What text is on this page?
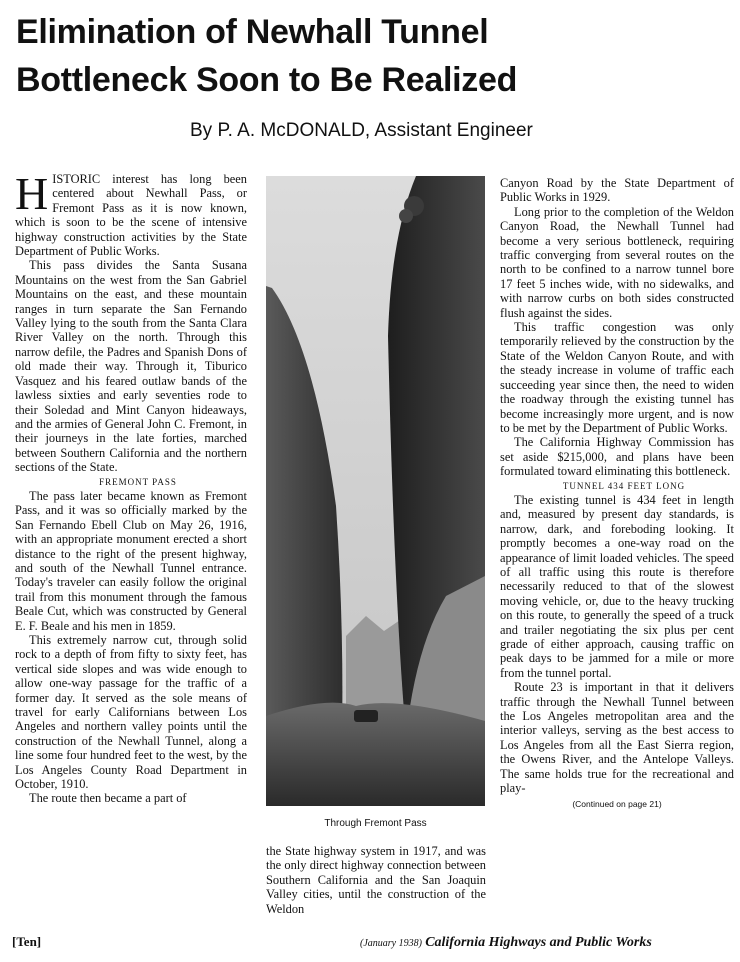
Elimination of Newhall Tunnel
Bottleneck Soon to Be Realized
By P. A. McDONALD, Assistant Engineer

HISTORIC interest has long been centered about Newhall Pass, or Fremont Pass as it is now known, which is soon to be the scene of intensive highway construction activities by the State Department of Public Works.

This pass divides the Santa Susana Mountains on the west from the San Gabriel Mountains on the east, and these mountain ranges in turn separate the San Fernando Valley lying to the south from the Santa Clara River Valley on the north. Through this narrow defile, the Padres and Spanish Dons of old made their way. Through it, Tiburico Vasquez and his feared outlaw bands of the lawless sixties and early seventies rode to their Soledad and Mint Canyon hideaways, and the armies of General John C. Fremont, in their journeys in the late forties, marched between Southern California and the northern sections of the State.

FREMONT PASS

The pass later became known as Fremont Pass, and it was so officially marked by the San Fernando Ebell Club on May 26, 1916, with an appropriate monument erected a short distance to the right of the present highway, and south of the Newhall Tunnel entrance. Today's traveler can easily follow the original trail from this monument through the famous Beale Cut, which was constructed by General E. F. Beale and his men in 1859.

This extremely narrow cut, through solid rock to a depth of from fifty to sixty feet, has vertical side slopes and was wide enough to allow one-way passage for the traffic of a former day. It served as the sole means of travel for early Californians between Los Angeles and northern valley points until the construction of the Newhall Tunnel, along a line some four hundred feet to the west, by the Los Angeles County Road Department in October, 1910.

The route then became a part of

Through Fremont Pass

the State highway system in 1917, and was the only direct highway connection between Southern California and the San Joaquin Valley cities, until the construction of the Weldon

Canyon Road by the State Department of Public Works in 1929.

Long prior to the completion of the Weldon Canyon Road, the Newhall Tunnel had become a very serious bottleneck, requiring traffic converging from several routes on the north to be confined to a narrow tunnel bore 17 feet 5 inches wide, with no sidewalks, and with narrow curbs on both sides constructed flush against the sides.

This traffic congestion was only temporarily relieved by the construction by the State of the Weldon Canyon Route, and with the steady increase in volume of traffic each succeeding year since then, the need to widen the roadway through the existing tunnel has become increasingly more urgent, and is now to be met by the Department of Public Works.

The California Highway Commission has set aside $215,000, and plans have been formulated toward eliminating this bottleneck.

TUNNEL 434 FEET LONG

The existing tunnel is 434 feet in length and, measured by present day standards, is narrow, dark, and foreboding looking. It promptly becomes a one-way road on the appearance of limit loaded vehicles. The speed of all traffic using this route is therefore necessarily reduced to that of the slowest moving vehicle, or, due to the heavy trucking on this route, to generally the speed of a truck and trailer negotiating the six plus per cent grade of either approach, causing traffic on peak days to be jammed for a mile or more from the tunnel portal.

Route 23 is important in that it delivers traffic through the Newhall Tunnel between the Los Angeles metropolitan area and the interior valleys, serving as the best access to Los Angeles from all the East Sierra region, the Owens River, and the Antelope Valleys. The same holds true for the recreational and play-

(Continued on page 21)
[Ten]	(January 1938) California Highways and Public Works
